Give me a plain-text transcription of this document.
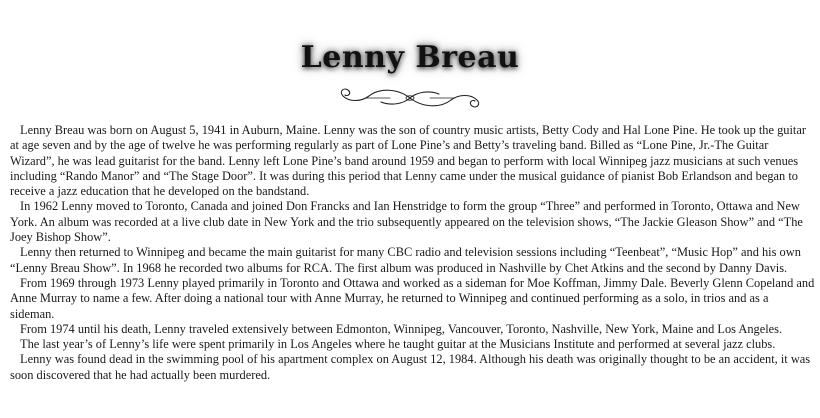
Lenny Breau

Lenny Breau was born on August 5, 1941 in Auburn, Maine. Lenny was the son of country music artists, Betty Cody and Hal Lone Pine. He took up the guitar at age seven and by the age of twelve he was performing regularly as part of Lone Pine’s and Betty’s traveling band. Billed as “Lone Pine, Jr.-The Guitar Wizard”, he was lead guitarist for the band. Lenny left Lone Pine’s band around 1959 and began to perform with local Winnipeg jazz musicians at such venues including “Rando Manor” and “The Stage Door”. It was during this period that Lenny came under the musical guidance of pianist Bob Erlandson and began to receive a jazz education that he developed on the bandstand.

In 1962 Lenny moved to Toronto, Canada and joined Don Francks and Ian Henstridge to form the group “Three” and performed in Toronto, Ottawa and New York. An album was recorded at a live club date in New York and the trio subsequently appeared on the television shows, “The Jackie Gleason Show” and “The Joey Bishop Show”.

Lenny then returned to Winnipeg and became the main guitarist for many CBC radio and television sessions including “Teenbeat”, “Music Hop” and his own “Lenny Breau Show”. In 1968 he recorded two albums for RCA. The first album was produced in Nashville by Chet Atkins and the second by Danny Davis.

From 1969 through 1973 Lenny played primarily in Toronto and Ottawa and worked as a sideman for Moe Koffman, Jimmy Dale. Beverly Glenn Copeland and Anne Murray to name a few. After doing a national tour with Anne Murray, he returned to Winnipeg and continued performing as a solo, in trios and as a sideman.

From 1974 until his death, Lenny traveled extensively between Edmonton, Winnipeg, Vancouver, Toronto, Nashville, New York, Maine and Los Angeles.

The last year’s of Lenny’s life were spent primarily in Los Angeles where he taught guitar at the Musicians Institute and performed at several jazz clubs.

Lenny was found dead in the swimming pool of his apartment complex on August 12, 1984. Although his death was originally thought to be an accident, it was soon discovered that he had actually been murdered.
